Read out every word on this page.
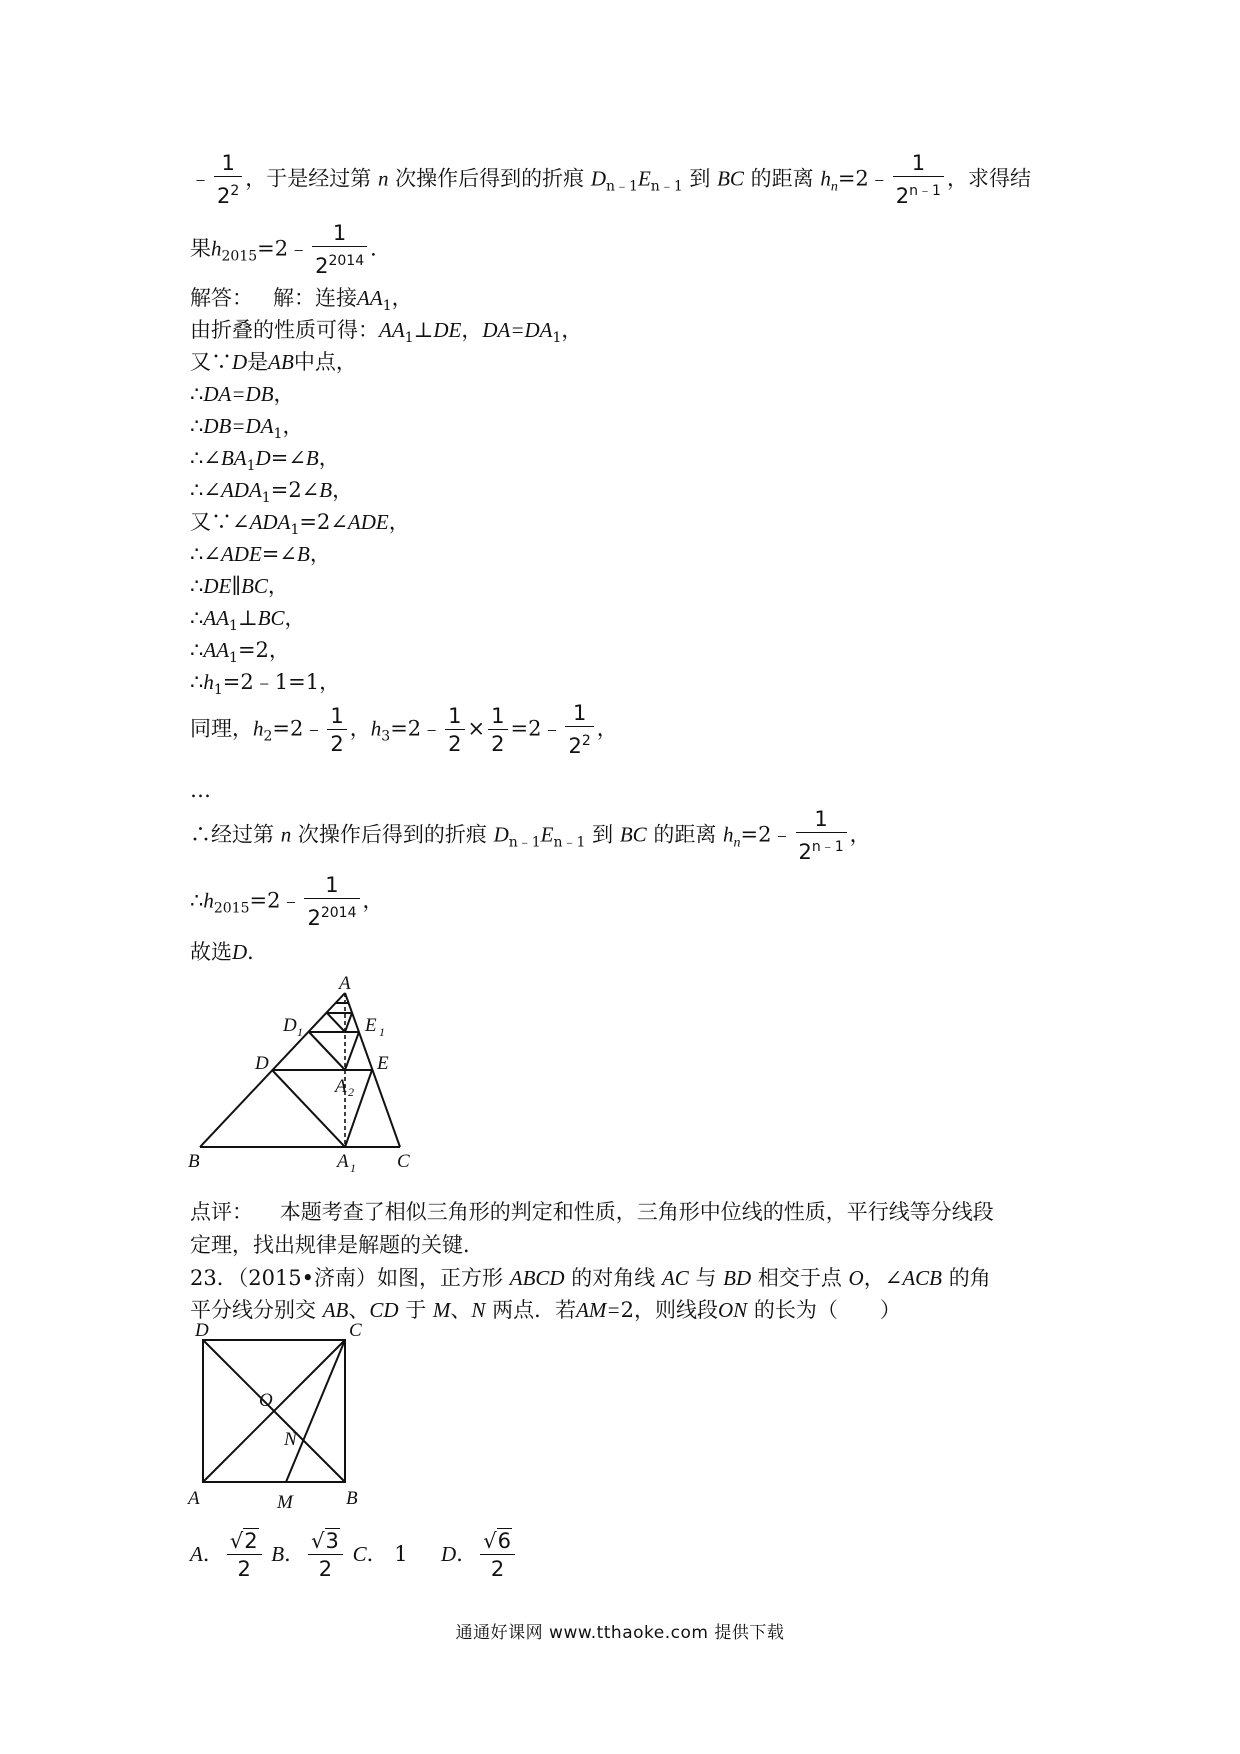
﹣ $\frac{1}{2^2}$ ，于是经过第 n 次操作后得到的折痕 $D_{n﹣1}E_{n﹣1}$ 到 BC 的距离 $h_n=2﹣ \frac{1}{2^{n﹣1}}$ ，求得结
果$h_{2015}=2﹣ \frac{1}{2^{2014}}$ ．
解答： 解：连接$AA_1$，
由折叠的性质可得：$AA_1\perp DE$，$DA=DA_1$，
又∵D是AB中点，
∴DA=DB，
$\therefore DB=DA_1$，
$\therefore\angle BA_1D=\angle B$，
$\therefore\angle ADA_1=2\angle B$，
又$\because\angle ADA_1=2\angle ADE$，
∴∠ADE=∠B，
∴DE∥BC，
$\therefore AA_1\perp BC$，
$\therefore AA_1=2$，
$\therefore h_1=2﹣1=1$，
同理，$h_2=2﹣ \frac{1}{2}$ ，$h_3=2﹣ \frac{1}{2} \times \frac{1}{2}$ =2﹣ $\frac{1}{2^2}$ ，
…
∴经过第 n 次操作后得到的折痕 $D_{n﹣1}E_{n﹣1}$ 到 BC 的距离 $h_n=2﹣ \frac{1}{2^{n﹣1}}$ ，
$\therefore h_{2015}=2﹣ \frac{1}{2^{2014}}$ ，
故选D．
A
D 1	E 1
D	E
A 2
B	A 1 C
点评： 本题考查了相似三角形的判定和性质，三角形中位线的性质，平行线等分线段
定理，找出规律是解题的关键．
23．（2015•济南）如图，正方形 ABCD 的对角线 AC 与 BD 相交于点 O，∠ACB 的角
平分线分别交 AB、CD 于 M、N 两点．若AM=2，则线段ON 的长为（　　）
D	C
O
N
A	M	B
A． $\frac{√2}{2}$ B． $\frac{√3}{2}$ C． 1 D． $\frac{√6}{2}$
通通好课网 www.tthaoke.com 提供下载
